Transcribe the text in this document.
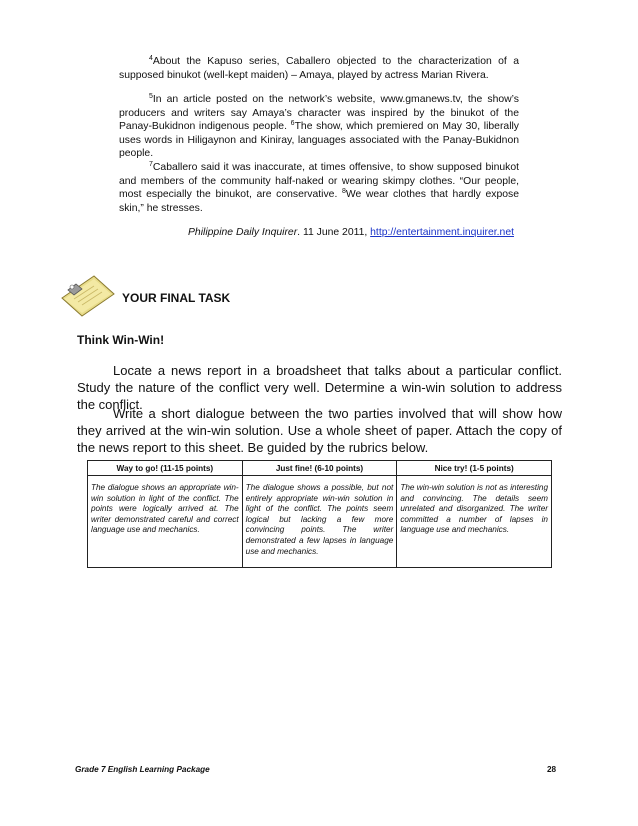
$^4$About the Kapuso series, Caballero objected to the characterization of a supposed binukot (well-kept maiden) – Amaya, played by actress Marian Rivera.

$^5$In an article posted on the network’s website, www.gmanews.tv, the show’s producers and writers say Amaya’s character was inspired by the binukot of the Panay-Bukidnon indigenous people. $^6$The show, which premiered on May 30, liberally uses words in Hiligaynon and Kiniray, languages associated with the Panay-Bukidnon people.

$^7$Caballero said it was inaccurate, at times offensive, to show supposed binukot and members of the community half-naked or wearing skimpy clothes. “Our people, most especially the binukot, are conservative. $^8$We wear clothes that hardly expose skin,” he stresses.

Philippine Daily Inquirer. 11 June 2011, http://entertainment.inquirer.net
YOUR FINAL TASK
Think Win-Win!

Locate a news report in a broadsheet that talks about a particular conflict. Study the nature of the conflict very well. Determine a win-win solution to address the conflict.

Write a short dialogue between the two parties involved that will show how they arrived at the win-win solution. Use a whole sheet of paper. Attach the copy of the news report to this sheet. Be guided by the rubrics below.

Way to go! (11-15 points)	Just fine! (6-10 points)	Nice try! (1-5 points)
The dialogue shows an appropriate win-win solution in light of the conflict. The points were logically arrived at. The writer demonstrated careful and correct language use and mechanics.	The dialogue shows a possible, but not entirely appropriate win-win solution in light of the conflict. The points seem logical but lacking a few more convincing points. The writer demonstrated a few lapses in language use and mechanics.	The win-win solution is not as interesting and convincing. The details seem unrelated and disorganized. The writer committed a number of lapses in language use and mechanics.
Grade 7 English Learning Package	28
